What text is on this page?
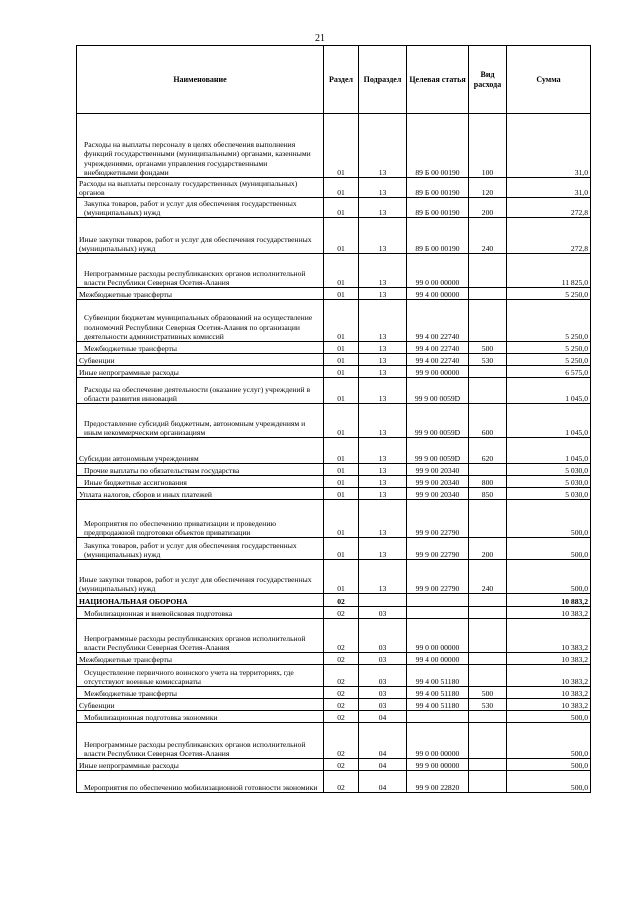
21
Наименование	Раздел	Подраздел	Целевая статья	Вид расхода	Сумма
Расходы на выплаты персоналу в целях обеспечения выполнения функций государственными (муниципальными) органами, казенными учреждениями, органами управления государственными внебюджетными фондами	01	13	89 Б 00 00190	100	31,0
Расходы на выплаты персоналу государственных (муниципальных) органов	01	13	89 Б 00 00190	120	31,0
Закупка товаров, работ и услуг для обеспечения государственных (муниципальных) нужд	01	13	89 Б 00 00190	200	272,8
Иные закупки товаров, работ и услуг для обеспечения государственных (муниципальных) нужд	01	13	89 Б 00 00190	240	272,8
Непрограммные расходы республиканских органов исполнительной власти Республики Северная Осетия-Алания	01	13	99 0 00 00000		11 825,0
Межбюджетные трансферты	01	13	99 4 00 00000		5 250,0
Субвенции бюджетам муниципальных образований на осуществление полномочий Республики Северная Осетия-Алания по организации деятельности административных комиссий	01	13	99 4 00 22740		5 250,0
Межбюджетные трансферты	01	13	99 4 00 22740	500	5 250,0
Субвенции	01	13	99 4 00 22740	530	5 250,0
Иные непрограммные расходы	01	13	99 9 00 00000		6 575,0
Расходы на обеспечение деятельности (оказание услуг) учреждений в области развития инноваций	01	13	99 9 00 0059D		1 045,0
Предоставление субсидий бюджетным, автономным учреждениям и иным некоммерческим организациям	01	13	99 9 00 0059D	600	1 045,0
Субсидии автономным учреждениям	01	13	99 9 00 0059D	620	1 045,0
Прочие выплаты по обязательствам государства	01	13	99 9 00 20340		5 030,0
Иные бюджетные ассигнования	01	13	99 9 00 20340	800	5 030,0
Уплата налогов, сборов и иных платежей	01	13	99 9 00 20340	850	5 030,0
Мероприятия по обеспечению приватизации и проведению предпродажной подготовки объектов приватизации	01	13	99 9 00 22790		500,0
Закупка товаров, работ и услуг для обеспечения государственных (муниципальных) нужд	01	13	99 9 00 22790	200	500,0
Иные закупки товаров, работ и услуг для обеспечения государственных (муниципальных) нужд	01	13	99 9 00 22790	240	500,0
НАЦИОНАЛЬНАЯ ОБОРОНА	02				10 883,2
Мобилизационная и вневойсковая подготовка	02	03			10 383,2
Непрограммные расходы республиканских органов исполнительной власти Республики Северная Осетия-Алания	02	03	99 0 00 00000		10 383,2
Межбюджетные трансферты	02	03	99 4 00 00000		10 383,2
Осуществление первичного воинского учета на территориях, где отсутствуют военные комиссариаты	02	03	99 4 00 51180		10 383,2
Межбюджетные трансферты	02	03	99 4 00 51180	500	10 383,2
Субвенции	02	03	99 4 00 51180	530	10 383,2
Мобилизационная подготовка экономики	02	04			500,0
Непрограммные расходы республиканских органов исполнительной власти Республики Северная Осетия-Алания	02	04	99 0 00 00000		500,0
Иные непрограммные расходы	02	04	99 9 00 00000		500,0
Мероприятия по обеспечению мобилизационной готовности экономики	02	04	99 9 00 22820		500,0
